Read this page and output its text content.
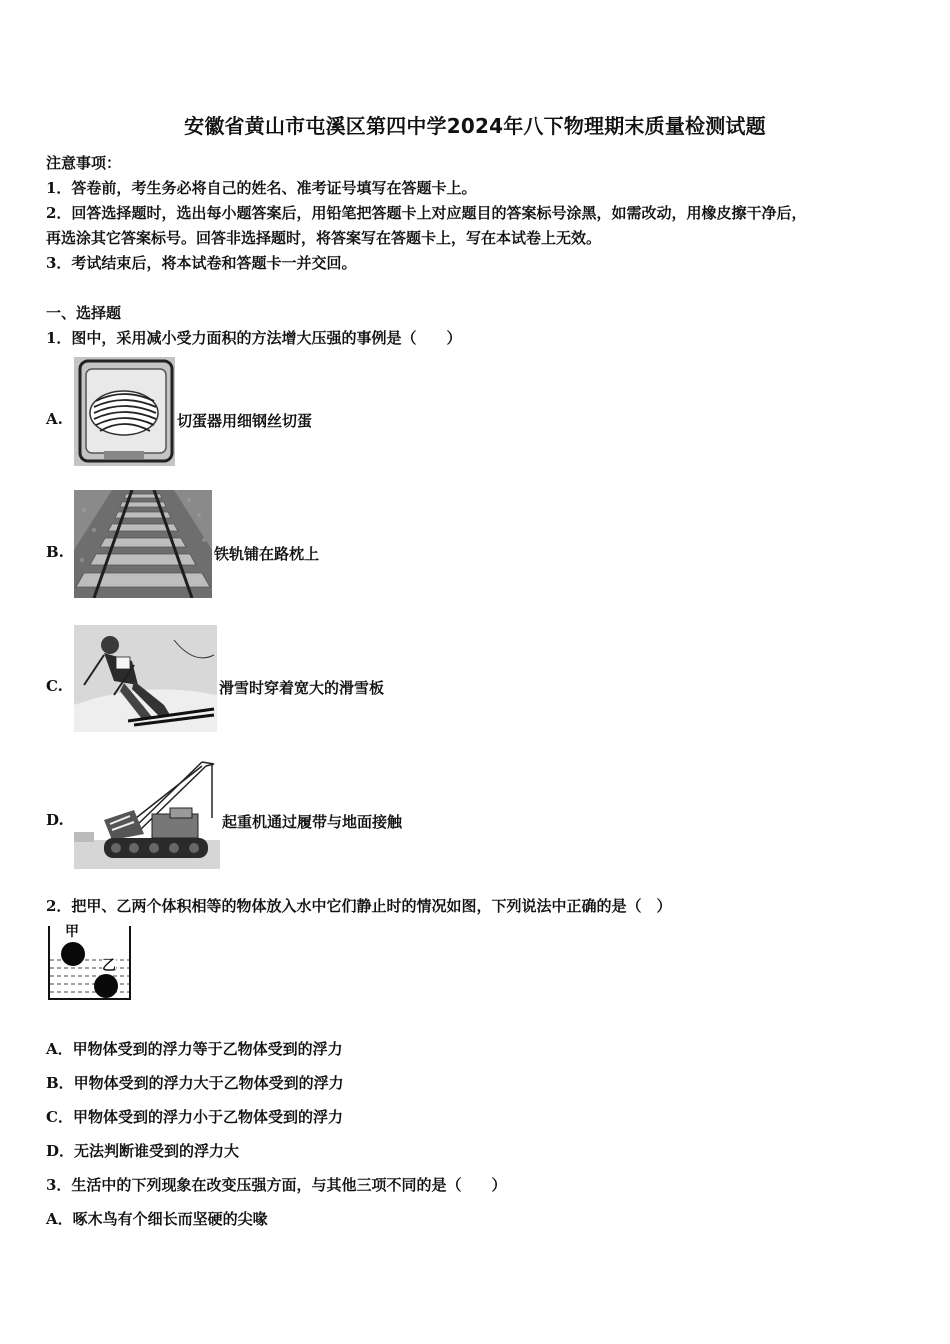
安徽省黄山市屯溪区第四中学2024年八下物理期末质量检测试题
注意事项：
1．答卷前，考生务必将自己的姓名、准考证号填写在答题卡上。
2．回答选择题时，选出每小题答案后，用铅笔把答题卡上对应题目的答案标号涂黑，如需改动，用橡皮擦干净后，
再选涂其它答案标号。回答非选择题时，将答案写在答题卡上，写在本试卷上无效。
3．考试结束后，将本试卷和答题卡一并交回。
一、选择题
1．图中，采用减小受力面积的方法增大压强的事例是（　　）
A.	切蛋器用细钢丝切蛋
B.	铁轨铺在路枕上
C.	滑雪时穿着宽大的滑雪板
D.	起重机通过履带与地面接触
2．把甲、乙两个体积相等的物体放入水中它们静止时的情况如图，下列说法中正确的是（　）
甲
乙
A．甲物体受到的浮力等于乙物体受到的浮力
B．甲物体受到的浮力大于乙物体受到的浮力
C．甲物体受到的浮力小于乙物体受到的浮力
D．无法判断谁受到的浮力大
3．生活中的下列现象在改变压强方面，与其他三项不同的是（　　）
A．啄木鸟有个细长而坚硬的尖喙
